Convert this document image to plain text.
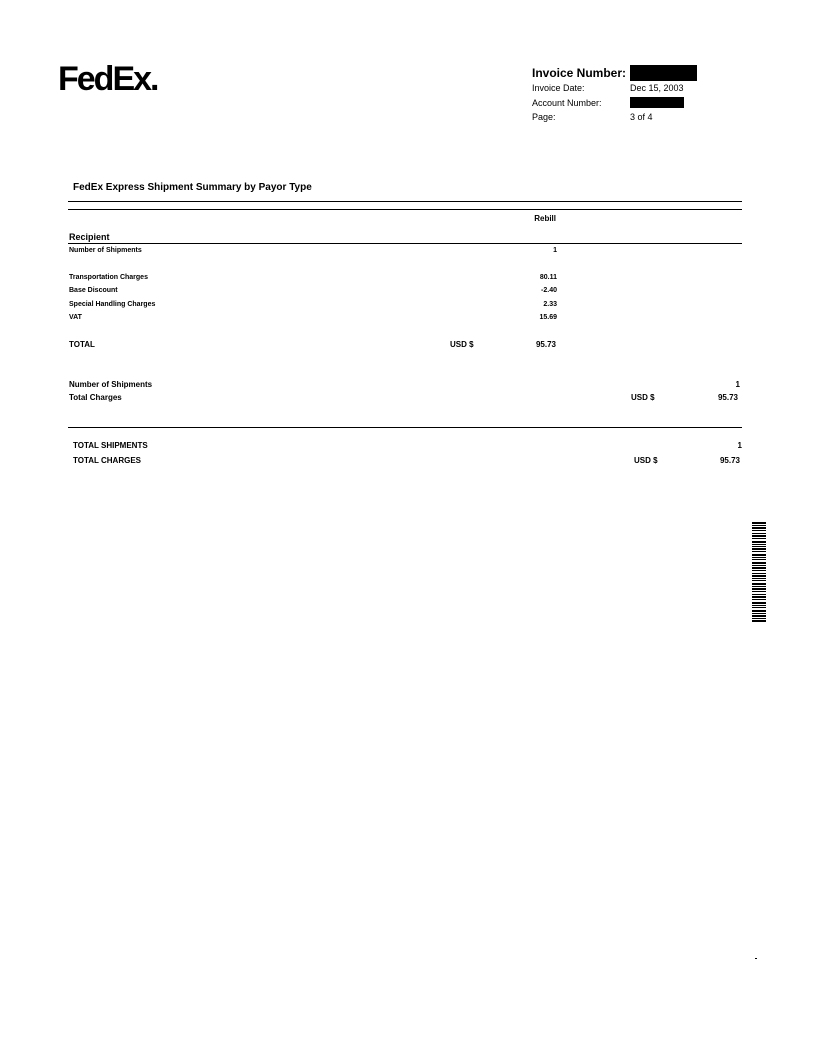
FedEx.	Invoice Number:
Invoice Date:	Dec 15, 2003
Account Number:
Page:	3 of 4
FedEx Express Shipment Summary by Payor Type
Rebill
Recipient
Number of Shipments	1
Transportation Charges	80.11
Base Discount	-2.40
Special Handling Charges	2.33
VAT	15.69
TOTAL	USD $	95.73
Number of Shipments	1
Total Charges	USD $	95.73
TOTAL SHIPMENTS	1
TOTAL CHARGES	USD $	95.73
